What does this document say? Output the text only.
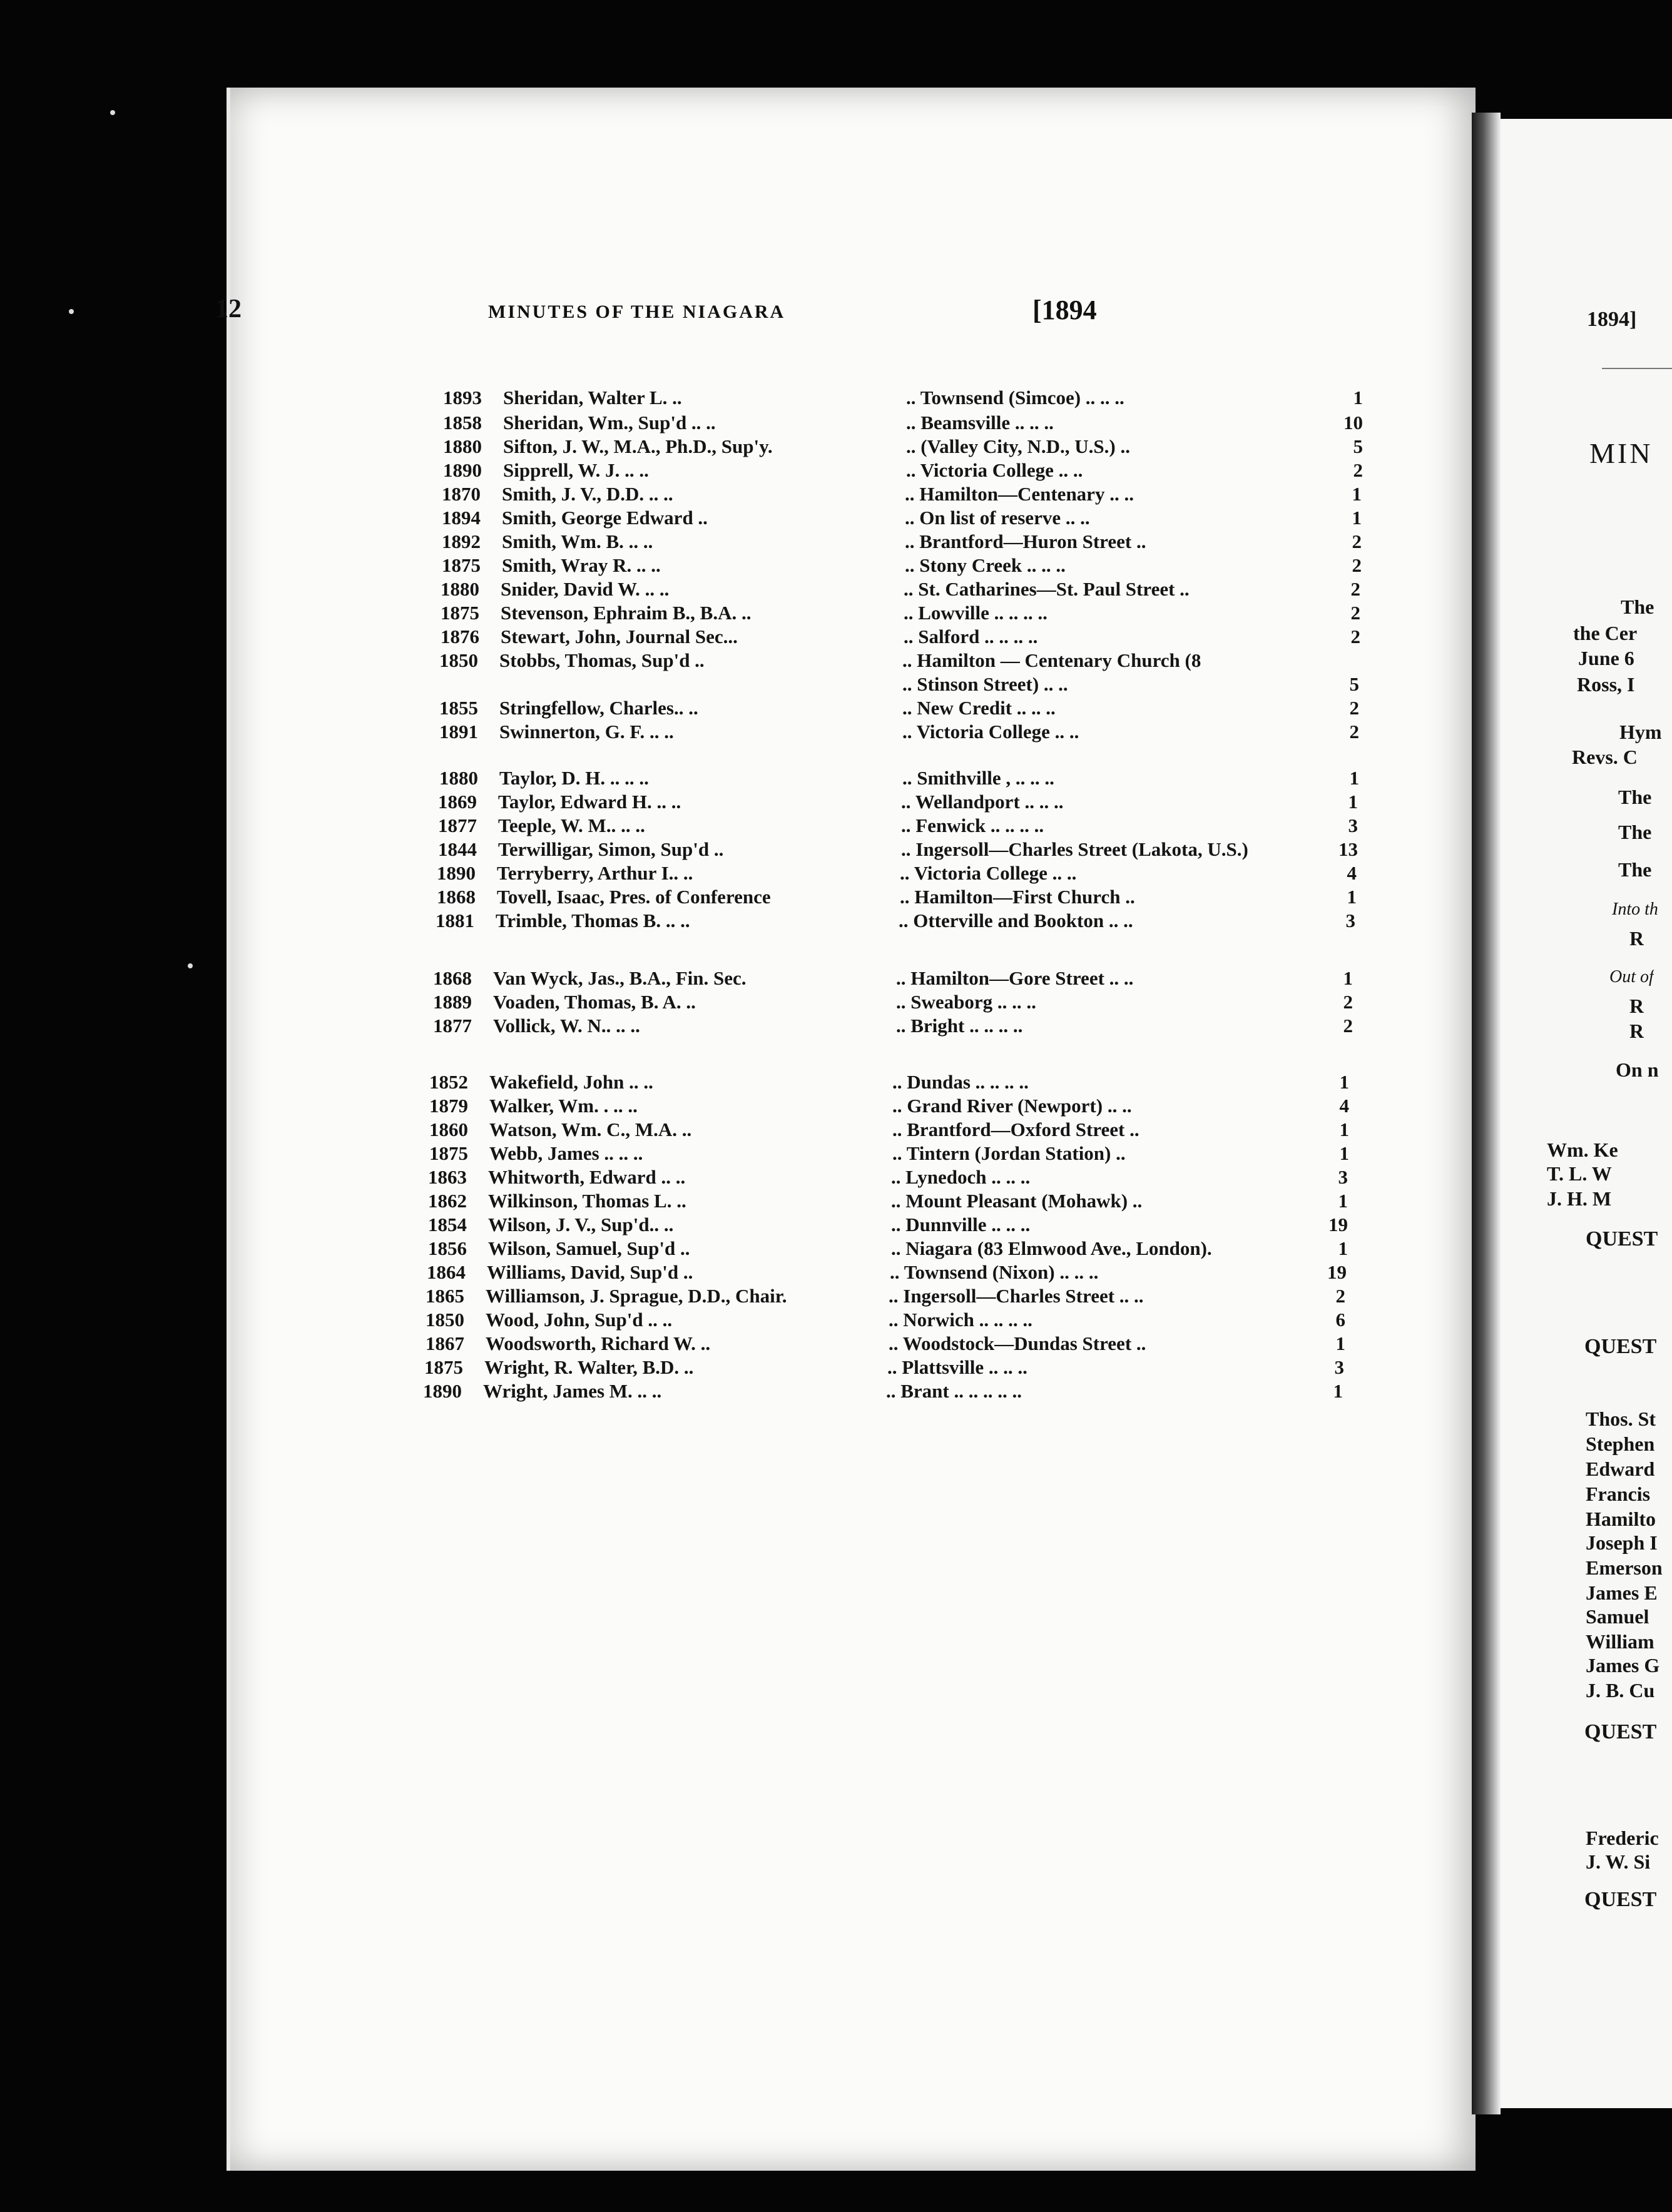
12	MINUTES OF THE NIAGARA	[1894
1893 Sheridan, Walter L. ..	.. Townsend (Simcoe) .. .. ..	1
1858 Sheridan, Wm., Sup'd .. ..	.. Beamsville .. .. ..	10
1880 Sifton, J. W., M.A., Ph.D., Sup'y.	.. (Valley City, N.D., U.S.) ..	5
1890 Sipprell, W. J. .. ..	.. Victoria College .. ..	2
1870 Smith, J. V., D.D. .. ..	.. Hamilton—Centenary .. ..	1
1894 Smith, George Edward ..	.. On list of reserve .. ..	1
1892 Smith, Wm. B. .. ..	.. Brantford—Huron Street ..	2
1875 Smith, Wray R. .. ..	.. Stony Creek .. .. ..	2
1880 Snider, David W. .. ..	.. St. Catharines—St. Paul Street ..	2
1875 Stevenson, Ephraim B., B.A. ..	.. Lowville .. .. .. ..	2
1876 Stewart, John, Journal Sec...	.. Salford .. .. .. ..	2
1850 Stobbs, Thomas, Sup'd ..	.. Hamilton — Centenary Church (8
.. Stinson Street) .. ..	5
1855 Stringfellow, Charles.. ..	.. New Credit .. .. ..	2
1891 Swinnerton, G. F. .. ..	.. Victoria College .. ..	2
1880 Taylor, D. H. .. .. ..	.. Smithville , .. .. ..	1
1869 Taylor, Edward H. .. ..	.. Wellandport .. .. ..	1
1877 Teeple, W. M.. .. ..	.. Fenwick .. .. .. ..	3
1844 Terwilligar, Simon, Sup'd ..	.. Ingersoll—Charles Street (Lakota, U.S.)	13
1890 Terryberry, Arthur I.. ..	.. Victoria College .. ..	4
1868 Tovell, Isaac, Pres. of Conference	.. Hamilton—First Church ..	1
1881 Trimble, Thomas B. .. ..	.. Otterville and Bookton .. ..	3
1868 Van Wyck, Jas., B.A., Fin. Sec.	.. Hamilton—Gore Street .. ..	1
1889 Voaden, Thomas, B. A. ..	.. Sweaborg .. .. ..	2
1877 Vollick, W. N.. .. ..	.. Bright .. .. .. ..	2
1852 Wakefield, John .. ..	.. Dundas .. .. .. ..	1
1879 Walker, Wm. . .. ..	.. Grand River (Newport) .. ..	4
1860 Watson, Wm. C., M.A. ..	.. Brantford—Oxford Street ..	1
1875 Webb, James .. .. ..	.. Tintern (Jordan Station) ..	1
1863 Whitworth, Edward .. ..	.. Lynedoch .. .. ..	3
1862 Wilkinson, Thomas L. ..	.. Mount Pleasant (Mohawk) ..	1
1854 Wilson, J. V., Sup'd.. ..	.. Dunnville .. .. ..	19
1856 Wilson, Samuel, Sup'd ..	.. Niagara (83 Elmwood Ave., London).	1
1864 Williams, David, Sup'd ..	.. Townsend (Nixon) .. .. ..	19
1865 Williamson, J. Sprague, D.D., Chair.	.. Ingersoll—Charles Street .. ..	2
1850 Wood, John, Sup'd .. ..	.. Norwich .. .. .. ..	6
1867 Woodsworth, Richard W. ..	.. Woodstock—Dundas Street ..	1
1875 Wright, R. Walter, B.D. ..	.. Plattsville .. .. ..	3
1890 Wright, James M. .. ..	.. Brant .. .. .. .. ..	1
1894]
MIN
The
the Cer
June 6
Ross, I
Hym
Revs. C
The
The
The
Into th
R
Out of
R
R
On n
Wm. Ke
T. L. W
J. H. M
QUEST
QUEST
Thos. St
Stephen
Edward
Francis
Hamilto
Joseph I
Emerson
James E
Samuel
William
James G
J. B. Cu
QUEST
Frederic
J. W. Si
QUEST
